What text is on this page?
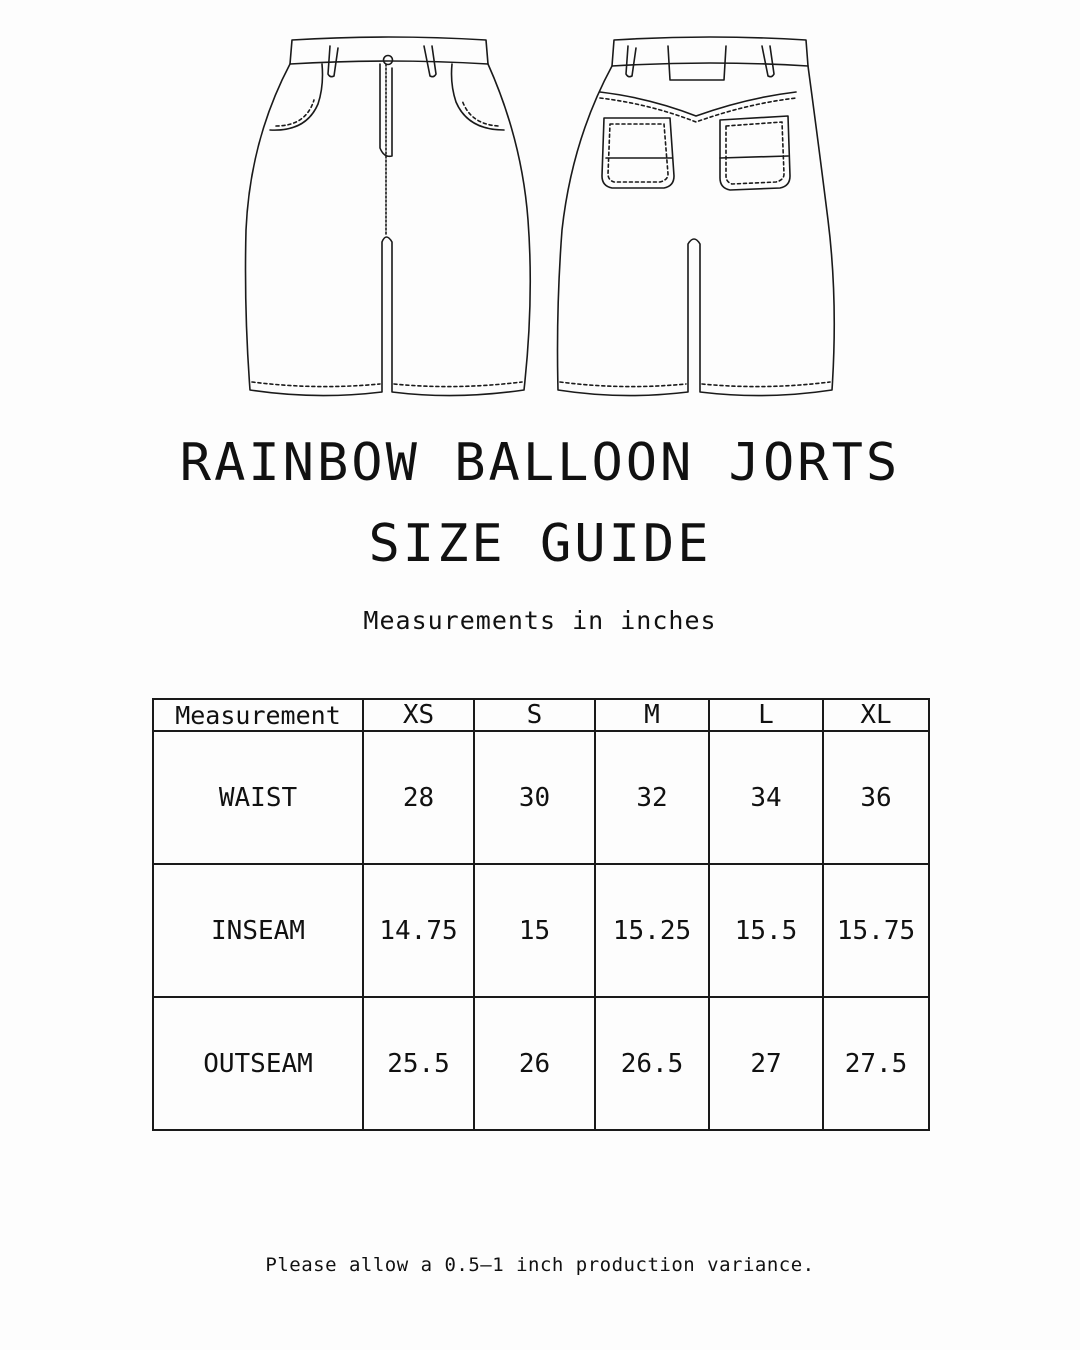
RAINBOW BALLOON JORTS
SIZE GUIDE
Measurements in inches
Measurement	XS	S	M	L	XL
WAIST	28	30	32	34	36
INSEAM	14.75	15	15.25	15.5	15.75
OUTSEAM	25.5	26	26.5	27	27.5
Please allow a 0.5–1 inch production variance.
